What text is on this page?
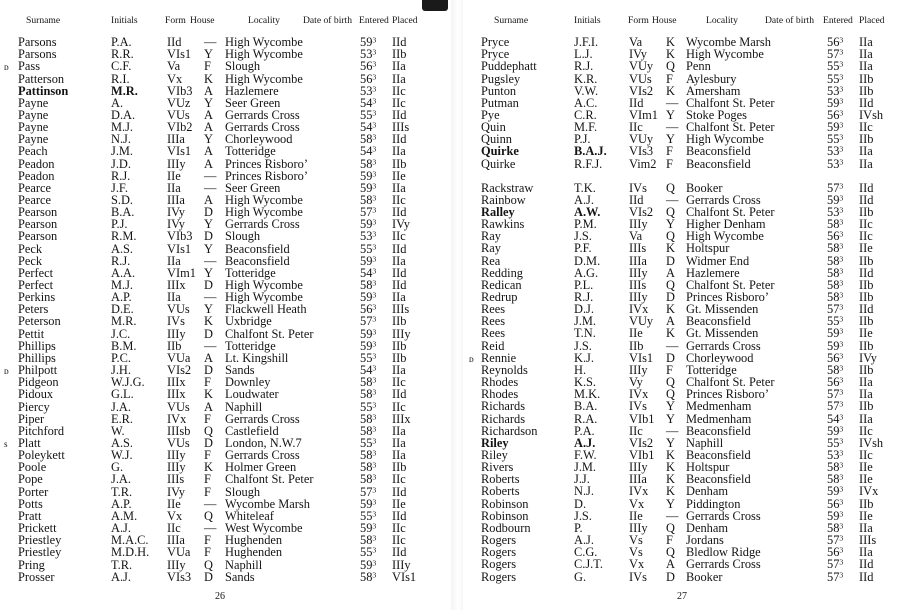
Surname	Initials	Form House	Locality Date of birth Entered Placed
Parsons	P.A.	IId — High Wycombe	$59^3$ IId
Parsons	R.R.	VIs1 Y High Wycombe	$53^3$ IIb
ᴅ Pass	C.F.	Va F Slough	$56^3$ IIa
Patterson	R.I.	Vx K High Wycombe	$56^3$ IIa
Pattinson	M.R. VIb3 A Hazlemere	$53^3$ IIc
Payne	A.	VUz Y Seer Green	$54^3$ IIc
Payne	D.A.	VUs A Gerrards Cross	$55^3$ IId
Payne	M.J.	VIb2 A Gerrards Cross	$54^3$ IIIs
Payne	N.J.	IIIa Y Chorleywood	$58^3$ IId
Peach	J.M.	VIs1 A Totteridge	$54^3$ IIa
Peadon	J.D.	IIIy A Princes Risboro’	$58^3$ IIb
Peadon	R.J.	IIe — Princes Risboro’	$59^3$ IIe
Pearce	J.F.	IIa — Seer Green	$59^3$ IIa
Pearce	S.D.	IIIa A High Wycombe	$58^3$ IIc
Pearson	B.A.	IVy D High Wycombe	$57^3$ IId
Pearson	P.J.	IVy Y Gerrards Cross	$59^3$ IVy
Pearson	R.M. VIb3 D Slough	$53^3$ IIc
Peck	A.S.	VIs1 Y Beaconsfield	$55^3$ IId
Peck	R.J.	IIa — Beaconsfield	$59^3$ IIa
Perfect	A.A.	VIm1 Y Totteridge	$54^3$ IId
Perfect	M.J.	IIIx D High Wycombe	$58^3$ IId
Perkins	A.P.	IIa — High Wycombe	$59^3$ IIa
Peters	D.E.	VUs Y Flackwell Heath	$56^3$ IIIs
Peterson	M.R. IVs K Uxbridge	$57^3$ IIb
Pettit	J.C.	IIIy D Chalfont St. Peter	$59^3$ IIIy
Phillips	B.M. IIb — Totteridge	$59^3$ IIb
Phillips	P.C.	VUa A Lt. Kingshill	$55^3$ IIb
ᴅ Philpott	J.H.	VIs2 D Sands	$54^3$ IIa
Pidgeon	W.J.G. IIIx F Downley	$58^3$ IIc
Pidoux	G.L.	IIIx K Loudwater	$58^3$ IId
Piercy	J.A.	VUs A Naphill	$55^3$ IIc
Piper	E.R.	IVx F Gerrards Cross	$58^3$ IIIx
Pitchford	W.	IIIsb Q Castlefield	$58^3$ IIa
s Platt	A.S.	VUs D London, N.W.7	$55^3$ IIa
Poleykett	W.J.	IIIy F Gerrards Cross	$58^3$ IIa
Poole	G.	IIIy K Holmer Green	$58^3$ IIb
Pope	J.A.	IIIs F Chalfont St. Peter	$58^3$ IIc
Porter	T.R.	IVy F Slough	$57^3$ IId
Potts	A.P.	IIe — Wycombe Marsh	$59^3$ IIe
Pratt	A.M. Vx Q Whiteleaf	$55^3$ IId
Prickett	A.J.	IIc — West Wycombe	$59^3$ IIc
Priestley	M.A.C. IIIa F Hughenden	$58^3$ IIc
Priestley	M.D.H. VUa F Hughenden	$55^3$ IId
Pring	T.R.	IIIy Q Naphill	$59^3$ IIIy
Prosser	A.J.	VIs3 D Sands	$58^3$ VIs1
26
Surname	Initials	Form House	Locality	Date of birth Entered Placed
Pryce	J.F.I. Va K Wycombe Marsh	$56^3$ IIa
Pryce	L.J.	IVy K High Wycombe	$57^3$ IIa
Puddephatt	R.J.	VUy Q Penn	$55^3$ IIa
Pugsley	K.R.	VUs F Aylesbury	$55^3$ IIb
Punton	V.W. VIs2 K Amersham	$53^3$ IIb
Putman	A.C.	IId — Chalfont St. Peter	$59^3$ IId
Pye	C.R.	VIm1 Y Stoke Poges	$56^3$ IVsh
Quin	M.F.	IIc — Chalfont St. Peter	$59^3$ IIc
Quinn	P.J.	VUy Y High Wycombe	$55^3$ IIb
Quirke	B.A.J. VIs3 F Beaconsfield	$53^3$ IIa
Quirke	R.F.J. Vim2 F Beaconsfield	$53^3$ IIa
Rackstraw	T.K.	IVs Q Booker	$57^3$ IId
Rainbow	A.J.	IId — Gerrards Cross	$59^3$ IId
Ralley	A.W. VIs2 Q Chalfont St. Peter	$53^3$ IIb
Rawkins	P.M.	IIIy Y Higher Denham	$58^3$ IIc
Ray	J.S.	Va Q High Wycombe	$56^3$ IIc
Ray	P.F.	IIIs K Holtspur	$58^3$ IIe
Rea	D.M. IIIa D Widmer End	$58^3$ IIb
Redding	A.G. IIIy A Hazlemere	$58^3$ IId
Redican	P.L.	IIIs Q Chalfont St. Peter	$58^3$ IIb
Redrup	R.J.	IIIy D Princes Risboro’	$58^3$ IIb
Rees	D.J.	IVx K Gt. Missenden	$57^3$ IId
Rees	J.M.	VUy A Beaconsfield	$55^3$ IIb
Rees	T.N.	IIe K Gt. Missenden	$59^3$ IIe
Reid	J.S.	IIb — Gerrards Cross	$59^3$ IIb
ᴅ Rennie	K.J.	VIs1 D Chorleywood	$56^3$ IVy
Reynolds	H.	IIIy F Totteridge	$58^3$ IIb
Rhodes	K.S.	Vy Q Chalfont St. Peter	$56^3$ IIa
Rhodes	M.K. IVx Q Princes Risboro’	$57^3$ IIa
Richards	B.A.	IVs Y Medmenham	$57^3$ IIb
Richards	R.A.	VIb1 Y Medmenham	$54^3$ IIa
Richardson	P.A.	IIc — Beaconsfield	$59^3$ IIc
Riley	A.J.	VIs2 Y Naphill	$55^3$ IVsh
Riley	F.W.	VIb1 K Beaconsfield	$53^3$ IIc
Rivers	J.M.	IIIy K Holtspur	$58^3$ IIe
Roberts	J.J.	IIIa K Beaconsfield	$58^3$ IIe
Roberts	N.J.	IVx K Denham	$59^3$ IVx
Robinson	D.	Vx Y Piddington	$56^3$ IIb
Robinson	J.S.	IIe — Gerrards Cross	$59^3$ IIe
Rodbourn	P.	IIIy Q Denham	$58^3$ IIa
Rogers	A.J.	Vs F Jordans	$57^3$ IIIs
Rogers	C.G.	Vs Q Bledlow Ridge	$56^3$ IIa
Rogers	C.J.T. Vx A Gerrards Cross	$57^3$ IId
Rogers	G.	IVs D Booker	$57^3$ IId
27
